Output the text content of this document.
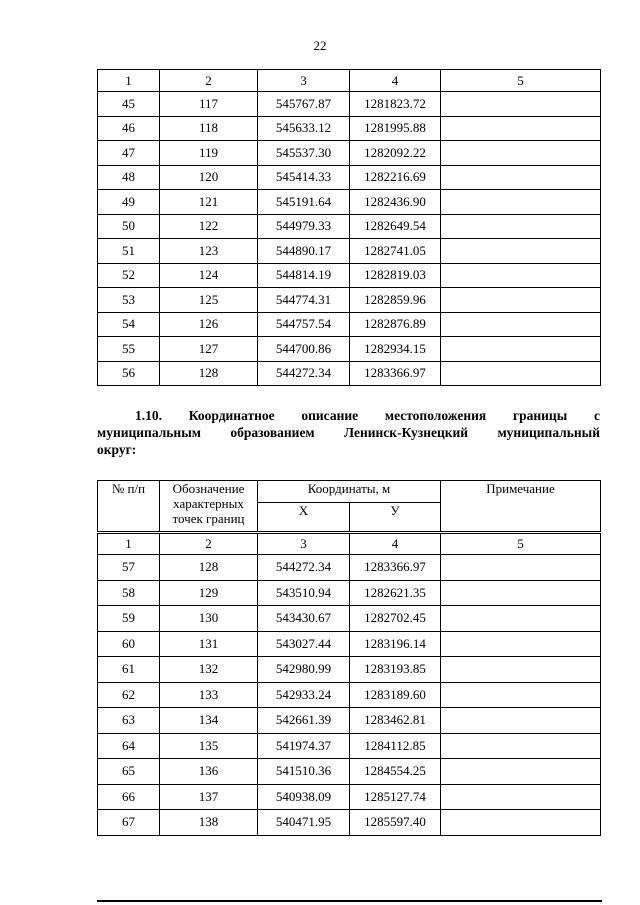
22
1	2	3	4	5
45	117	545767.87	1281823.72	
46	118	545633.12	1281995.88	
47	119	545537.30	1282092.22	
48	120	545414.33	1282216.69	
49	121	545191.64	1282436.90	
50	122	544979.33	1282649.54	
51	123	544890.17	1282741.05	
52	124	544814.19	1282819.03	
53	125	544774.31	1282859.96	
54	126	544757.54	1282876.89	
55	127	544700.86	1282934.15	
56	128	544272.34	1283366.97	
1.10. Координатное описание местоположения границы с
муниципальным образованием Ленинск-Кузнецкий муниципальный
округ:
№ п/п	Обозначение характерных точек границ	Координаты, м		Примечание
		X	У	
1	2	3	4	5
57	128	544272.34	1283366.97	
58	129	543510.94	1282621.35	
59	130	543430.67	1282702.45	
60	131	543027.44	1283196.14	
61	132	542980.99	1283193.85	
62	133	542933.24	1283189.60	
63	134	542661.39	1283462.81	
64	135	541974.37	1284112.85	
65	136	541510.36	1284554.25	
66	137	540938.09	1285127.74	
67	138	540471.95	1285597.40	
